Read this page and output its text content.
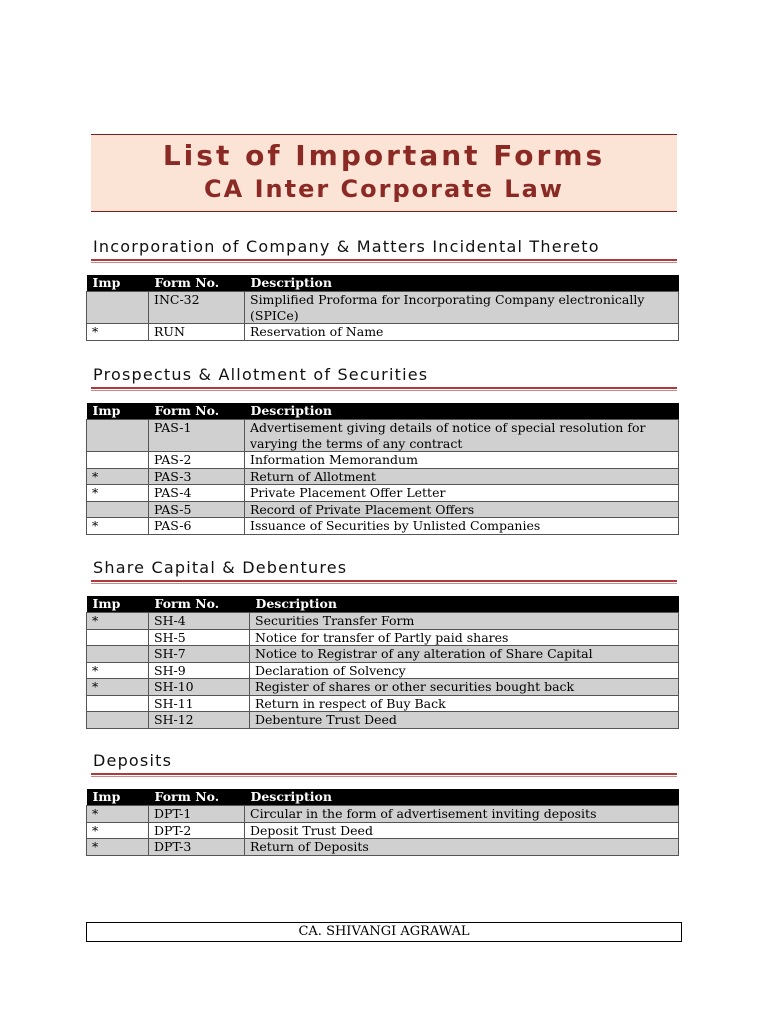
List of Important Forms
CA Inter Corporate Law
Incorporation of Company & Matters Incidental Thereto
Imp	Form No.	Description
	INC-32	Simplified Proforma for Incorporating Company electronically (SPICe)
*	RUN	Reservation of Name
Prospectus & Allotment of Securities
Imp	Form No.	Description
	PAS-1	Advertisement giving details of notice of special resolution for varying the terms of any contract
	PAS-2	Information Memorandum
*	PAS-3	Return of Allotment
*	PAS-4	Private Placement Offer Letter
	PAS-5	Record of Private Placement Offers
*	PAS-6	Issuance of Securities by Unlisted Companies
Share Capital & Debentures
Imp	Form No.	Description
*	SH-4	Securities Transfer Form
	SH-5	Notice for transfer of Partly paid shares
	SH-7	Notice to Registrar of any alteration of Share Capital
*	SH-9	Declaration of Solvency
*	SH-10	Register of shares or other securities bought back
	SH-11	Return in respect of Buy Back
	SH-12	Debenture Trust Deed
Deposits
Imp	Form No.	Description
*	DPT-1	Circular in the form of advertisement inviting deposits
*	DPT-2	Deposit Trust Deed
*	DPT-3	Return of Deposits
CA. SHIVANGI AGRAWAL
